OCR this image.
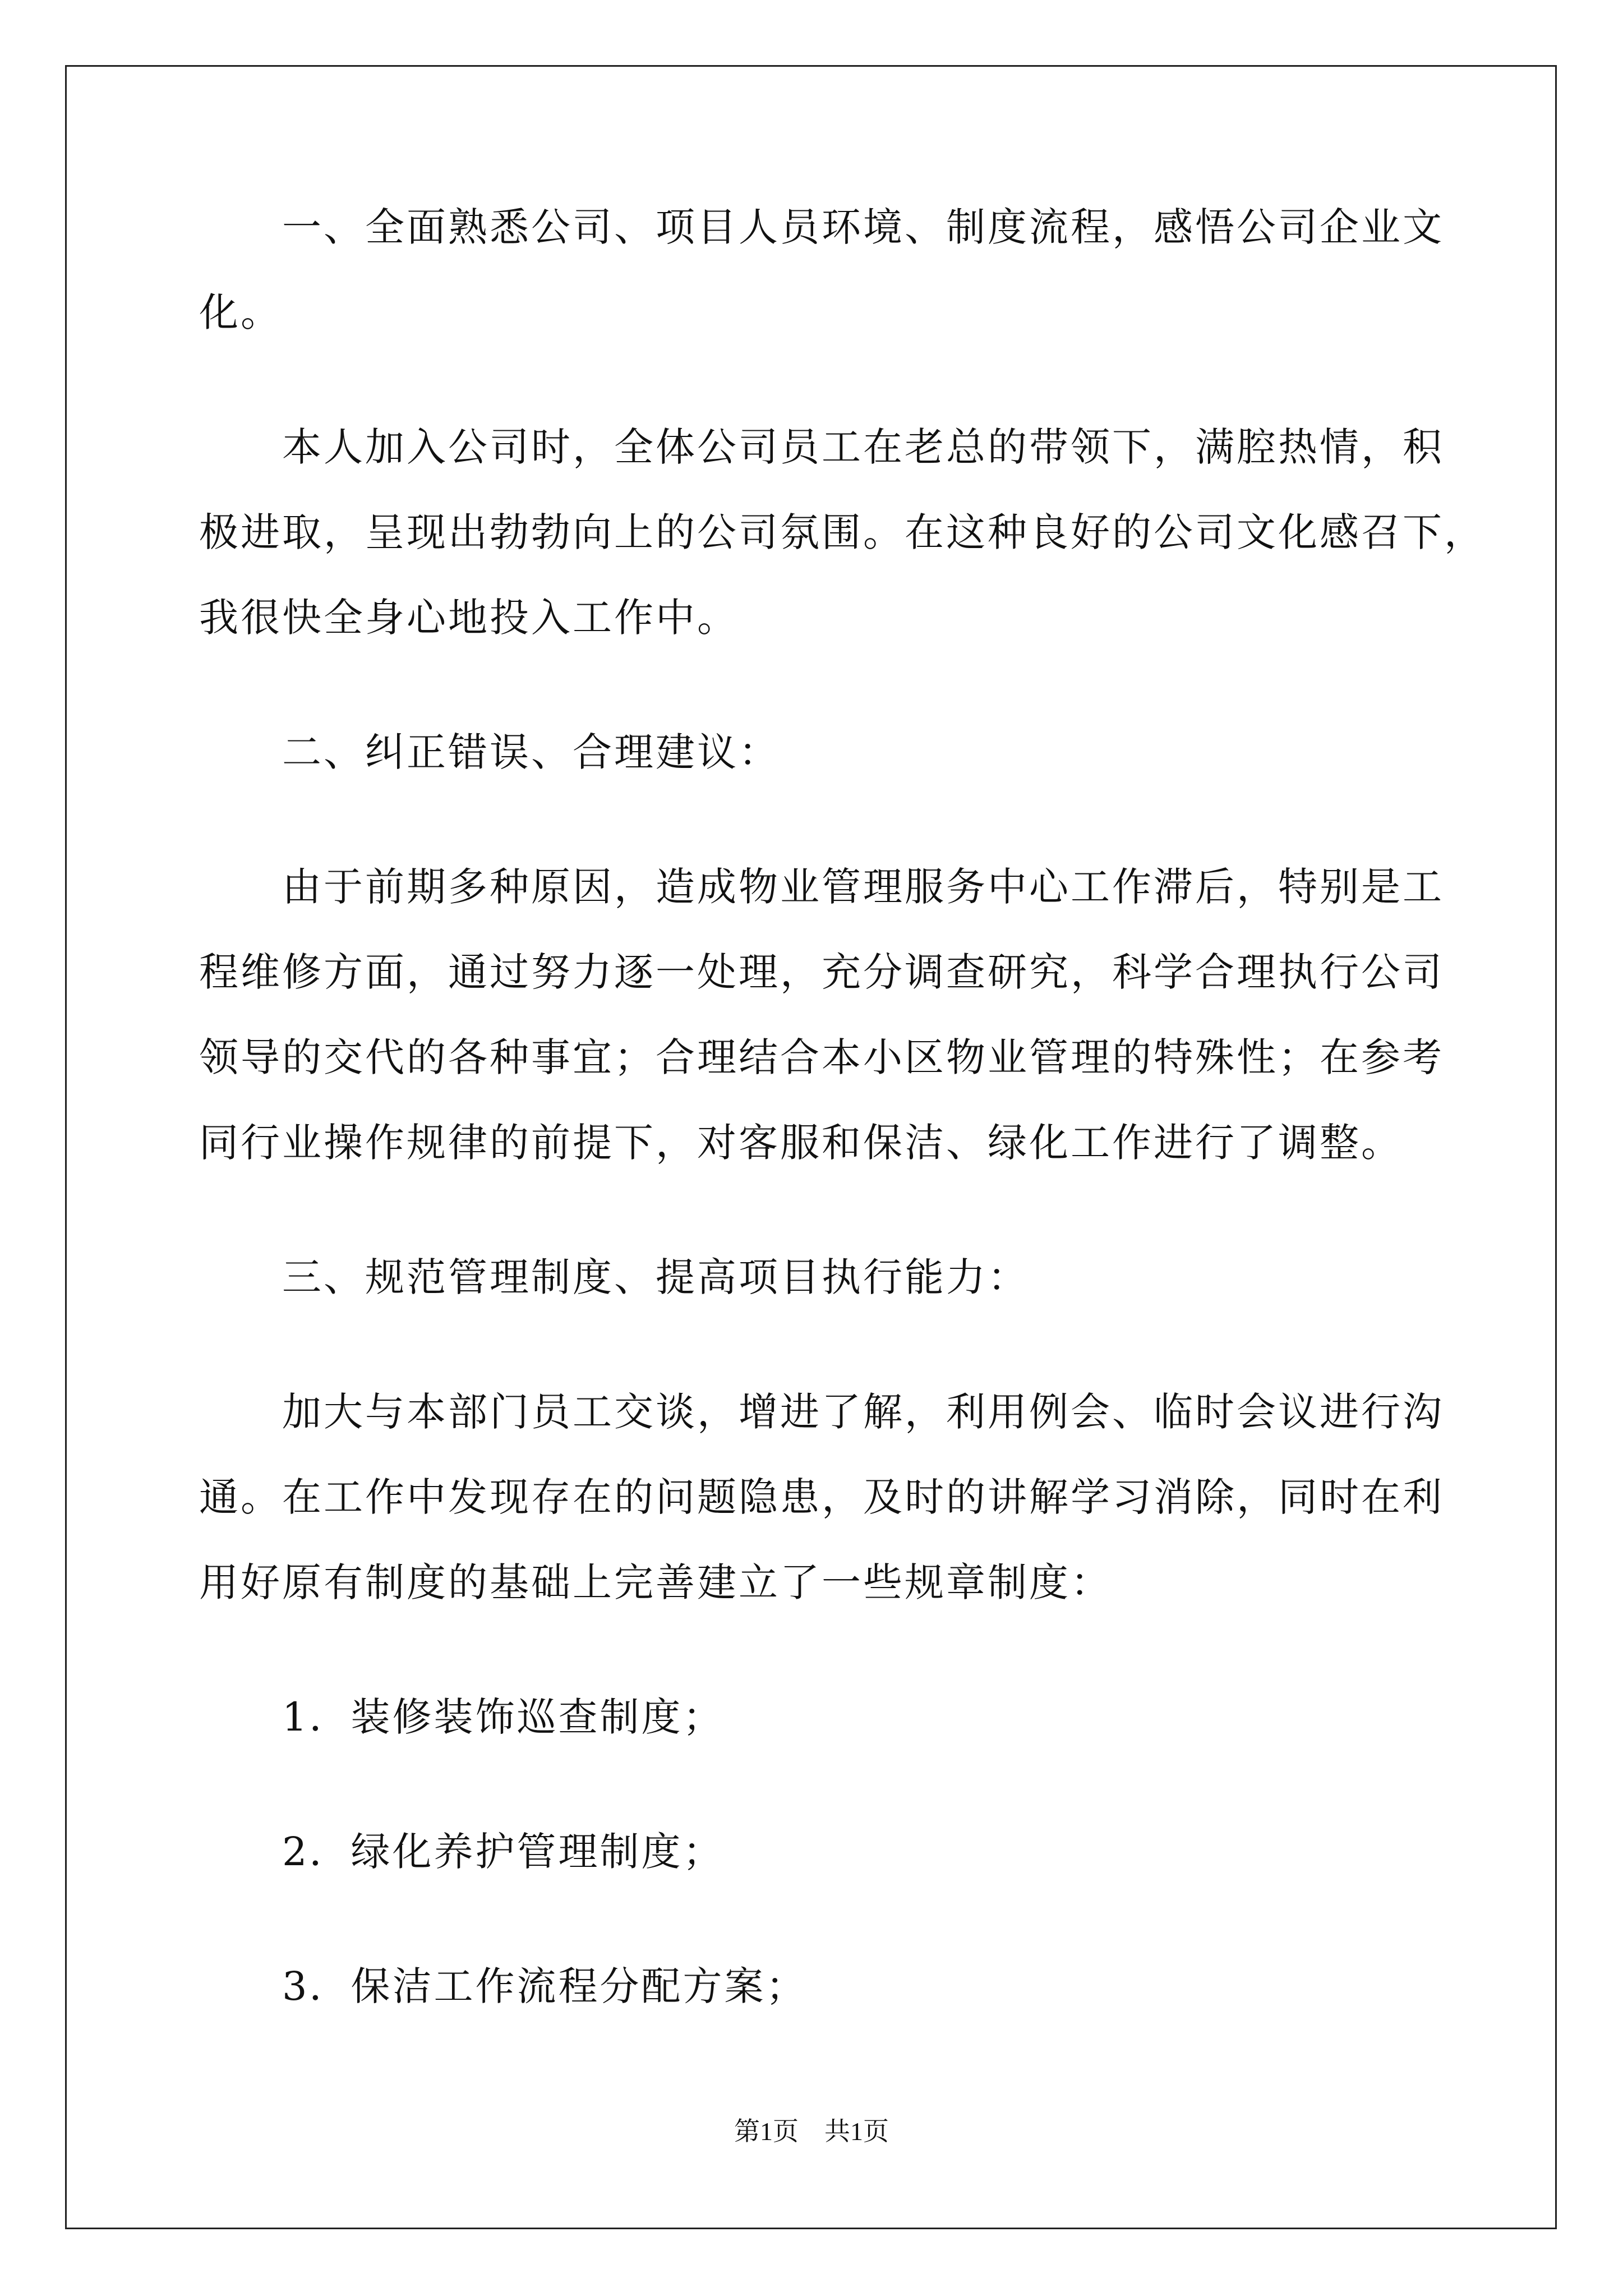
　　一、全面熟悉公司、项目人员环境、制度流程，感悟公司企业文
化。
　　本人加入公司时，全体公司员工在老总的带领下，满腔热情，积
极进取，呈现出勃勃向上的公司氛围。在这种良好的公司文化感召下，
我很快全身心地投入工作中。
　　二、纠正错误、合理建议：
　　由于前期多种原因，造成物业管理服务中心工作滞后，特别是工
程维修方面，通过努力逐一处理，充分调查研究，科学合理执行公司
领导的交代的各种事宜；合理结合本小区物业管理的特殊性；在参考
同行业操作规律的前提下，对客服和保洁、绿化工作进行了调整。
　　三、规范管理制度、提高项目执行能力：
　　加大与本部门员工交谈，增进了解，利用例会、临时会议进行沟
通。在工作中发现存在的问题隐患，及时的讲解学习消除，同时在利
用好原有制度的基础上完善建立了一些规章制度：
　　1．装修装饰巡查制度；
　　2．绿化养护管理制度；
　　3．保洁工作流程分配方案；
第1页　共1页
